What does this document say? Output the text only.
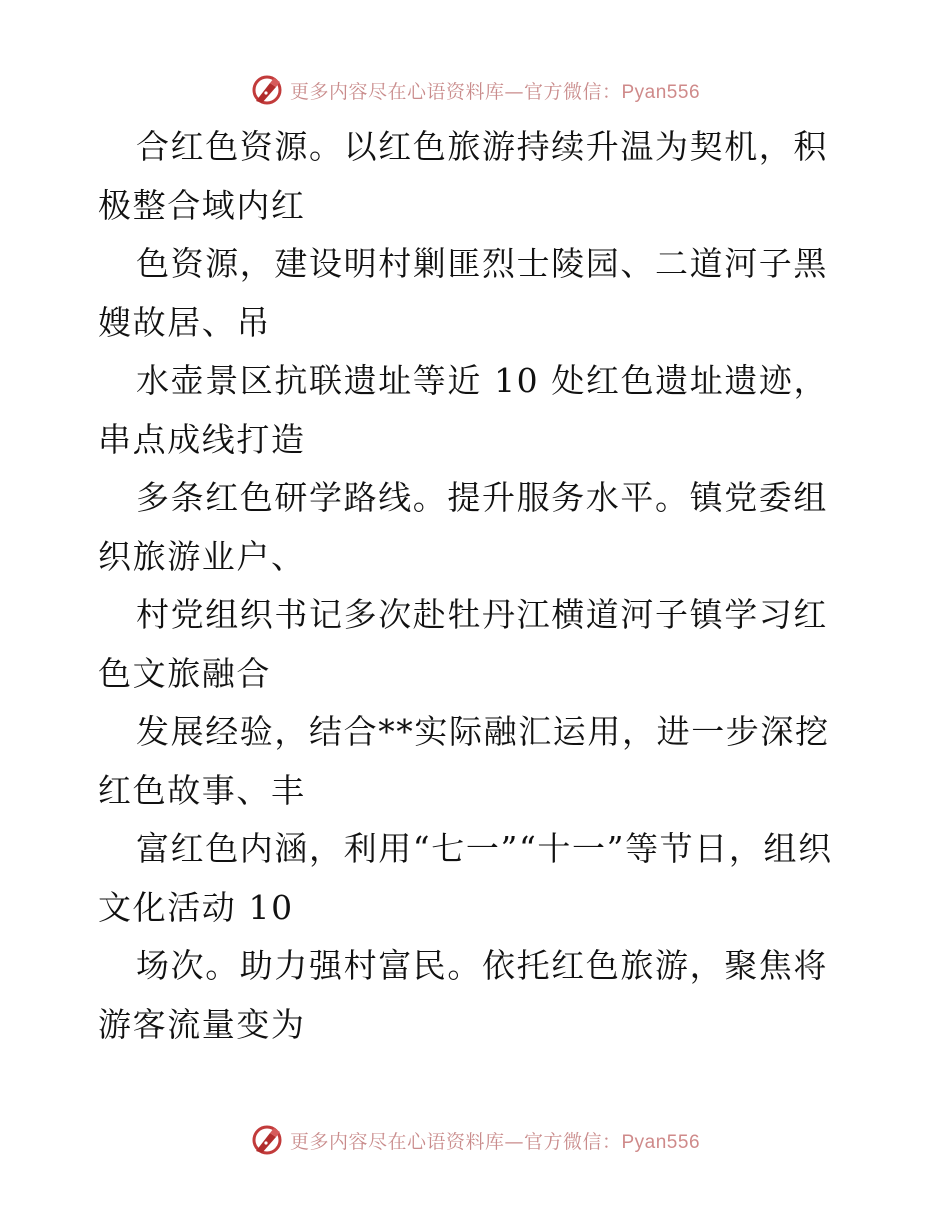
更多内容尽在心语资料库—官方微信：Pyan556

合红色资源。以红色旅游持续升温为契机，积极整合域内红

色资源，建设明村剿匪烈士陵园、二道河子黑嫂故居、吊

水壶景区抗联遗址等近 10 处红色遗址遗迹，串点成线打造

多条红色研学路线。提升服务水平。镇党委组织旅游业户、

村党组织书记多次赴牡丹江横道河子镇学习红色文旅融合

发展经验，结合**实际融汇运用，进一步深挖红色故事、丰

富红色内涵，利用“七一”“十一”等节日，组织文化活动 10

场次。助力强村富民。依托红色旅游，聚焦将游客流量变为

更多内容尽在心语资料库—官方微信：Pyan556
